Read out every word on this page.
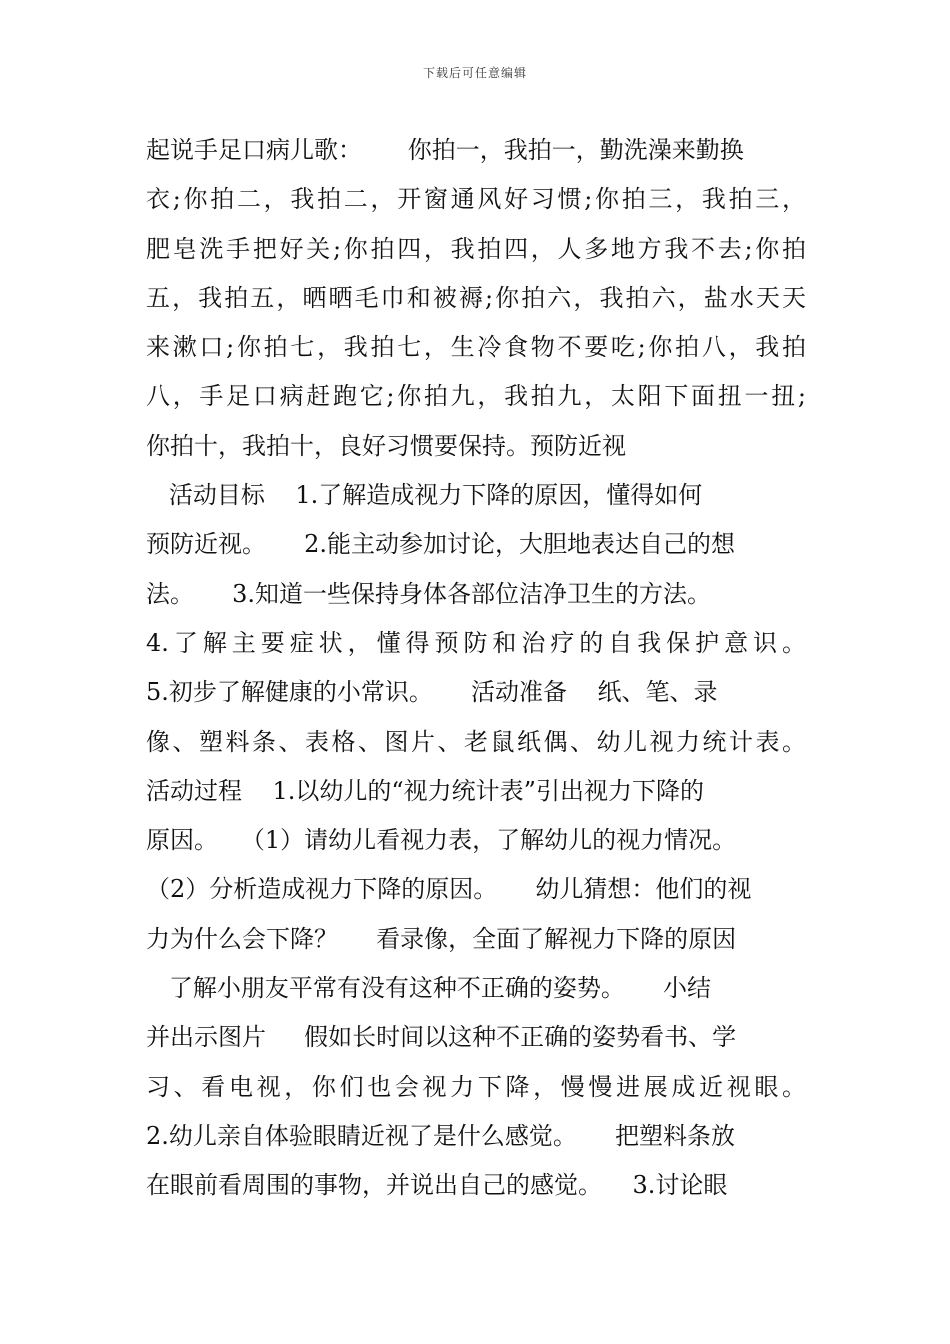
下载后可任意编辑
起说手足口病儿歌：      你拍一，我拍一，勤洗澡来勤换
衣;你拍二，我拍二，开窗通风好习惯;你拍三，我拍三，
肥皂洗手把好关;你拍四，我拍四，人多地方我不去;你拍
五，我拍五，晒晒毛巾和被褥;你拍六，我拍六，盐水天天
来漱口;你拍七，我拍七，生冷食物不要吃;你拍八，我拍
八，手足口病赶跑它;你拍九，我拍九，太阳下面扭一扭;
你拍十，我拍十，良好习惯要保持。预防近视
活动目标    1.了解造成视力下降的原因，懂得如何
预防近视。     2.能主动参加讨论，大胆地表达自己的想
法。     3.知道一些保持身体各部位洁净卫生的方法。
4.了解主要症状，懂得预防和治疗的自我保护意识。
5.初步了解健康的小常识。     活动准备    纸、笔、录
像、塑料条、表格、图片、老鼠纸偶、幼儿视力统计表。
活动过程    1.以幼儿的“视力统计表”引出视力下降的
原因。   （1）请幼儿看视力表，了解幼儿的视力情况。
（2）分析造成视力下降的原因。     幼儿猜想：他们的视
力为什么会下降？     看录像，全面了解视力下降的原因
了解小朋友平常有没有这种不正确的姿势。     小结
并出示图片     假如长时间以这种不正确的姿势看书、学
习、看电视，你们也会视力下降，慢慢进展成近视眼。
2.幼儿亲自体验眼睛近视了是什么感觉。     把塑料条放
在眼前看周围的事物，并说出自己的感觉。    3.讨论眼
